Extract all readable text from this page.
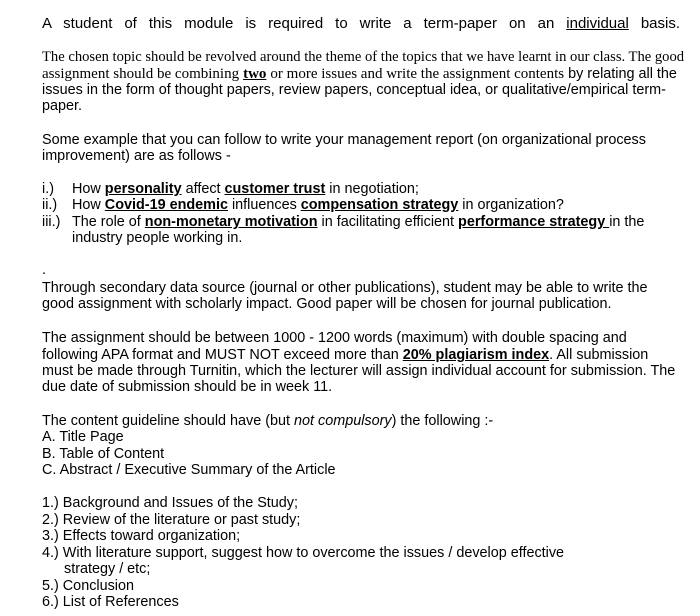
A student of this module is required to write a term-paper on an individual basis.
The chosen topic should be revolved around the theme of the topics that we have learnt in our class. The good
assignment should be combining two or more issues and write the assignment contents by relating all the
issues in the form of thought papers, review papers, conceptual idea, or qualitative/empirical term-
paper.
Some example that you can follow to write your management report (on organizational process
improvement) are as follows -
i.) How personality affect customer trust in negotiation;
ii.) How Covid-19 endemic influences compensation strategy in organization?
iii.) The role of non-monetary motivation in facilitating efficient performance strategy in the
industry people working in.
.
Through secondary data source (journal or other publications), student may be able to write the
good assignment with scholarly impact. Good paper will be chosen for journal publication.
The assignment should be between 1000 - 1200 words (maximum) with double spacing and
following APA format and MUST NOT exceed more than 20% plagiarism index. All submission
must be made through Turnitin, which the lecturer will assign individual account for submission. The
due date of submission should be in week 11.
The content guideline should have (but not compulsory) the following :-
A. Title Page
B. Table of Content
C. Abstract / Executive Summary of the Article
1.) Background and Issues of the Study;
2.) Review of the literature or past study;
3.) Effects toward organization;
4.) With literature support, suggest how to overcome the issues / develop effective
strategy / etc;
5.) Conclusion
6.) List of References
